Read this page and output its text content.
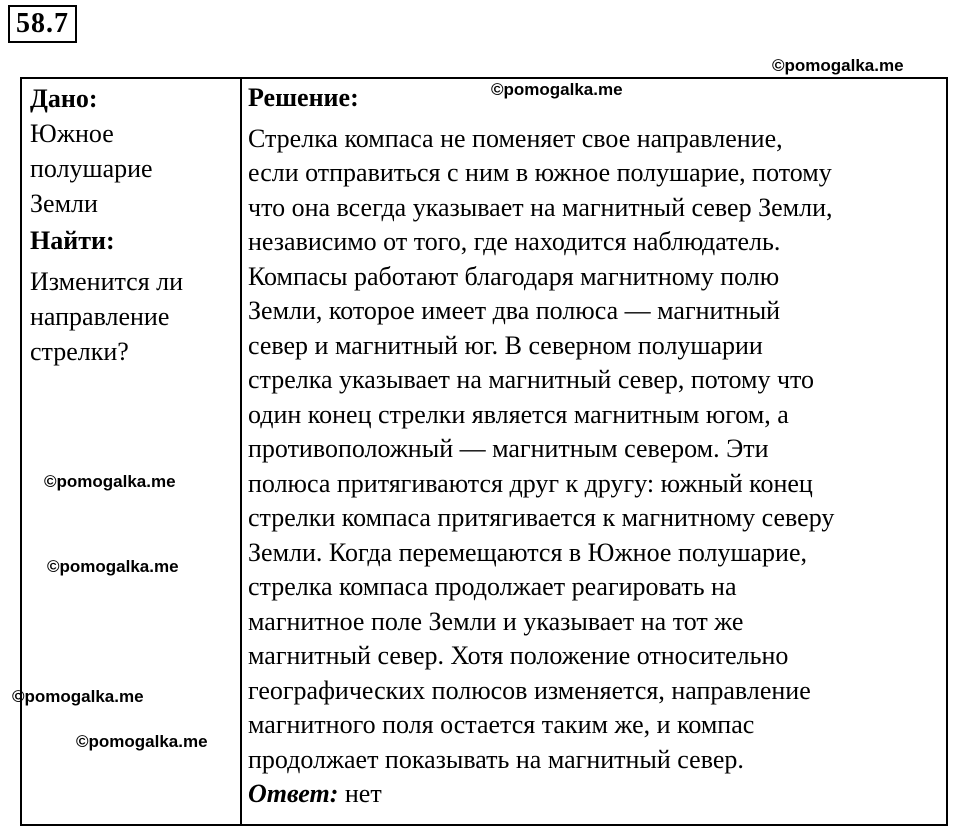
58.7
©pomogalka.me
Дано:
Южное
полушарие
Земли
Найти:
Изменится ли
направление
стрелки?
Решение:
Стрелка компаса не поменяет свое направление,
если отправиться с ним в южное полушарие, потому
что она всегда указывает на магнитный север Земли,
независимо от того, где находится наблюдатель.
Компасы работают благодаря магнитному полю
Земли, которое имеет два полюса — магнитный
север и магнитный юг. В северном полушарии
стрелка указывает на магнитный север, потому что
один конец стрелки является магнитным югом, а
противоположный — магнитным севером. Эти
полюса притягиваются друг к другу: южный конец
стрелки компаса притягивается к магнитному северу
Земли. Когда перемещаются в Южное полушарие,
стрелка компаса продолжает реагировать на
магнитное поле Земли и указывает на тот же
магнитный север. Хотя положение относительно
географических полюсов изменяется, направление
магнитного поля остается таким же, и компас
продолжает показывать на магнитный север.
Ответ: нет
©pomogalka.me
©pomogalka.me
©pomogalka.me
©pomogalka.me
©pomogalka.me
